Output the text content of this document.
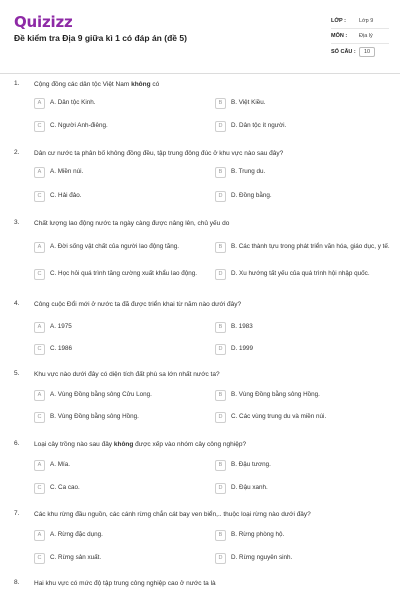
Quizizz
Đề kiểm tra Địa 9 giữa kì 1 có đáp án (đề 5)
LỚP :	Lớp 9
MÔN :	Địa lý
SỐ CÂU :	10
1. Cộng đồng các dân tộc Việt Nam không có
A	A. Dân tộc Kinh.	B	B. Việt Kiều.
C	C. Người Anh-điêng.	D	D. Dân tộc ít người.
2. Dân cư nước ta phân bố không đồng đều, tập trung đông đúc ở khu vực nào sau đây?
A	A. Miền núi.	B	B. Trung du.
C	C. Hải đảo.	D	D. Đồng bằng.
3. Chất lượng lao động nước ta ngày càng được nâng lên, chủ yếu do
A	A. Đời sống vật chất của người lao động tăng.	B	B. Các thành tựu trong phát triển văn hóa, giáo dục, y tế.
C	C. Học hỏi quá trình tăng cường xuất khẩu lao động.	D	D. Xu hướng tất yếu của quá trình hội nhập quốc.
4. Công cuộc Đổi mới ở nước ta đã được triển khai từ năm nào dưới đây?
A	A. 1975	B	B. 1983
C	C. 1986	D	D. 1999
5. Khu vực nào dưới đây có diện tích đất phù sa lớn nhất nước ta?
A	A. Vùng Đồng bằng sông Cửu Long.	B	B. Vùng Đồng bằng sông Hồng.
C	B. Vùng Đồng bằng sông Hồng.	D	C. Các vùng trung du và miền núi.
6. Loại cây trồng nào sau đây không được xếp vào nhóm cây công nghiệp?
A	A. Mía.	B	B. Đậu tương.
C	C. Ca cao.	D	D. Đậu xanh.
7. Các khu rừng đầu nguồn, các cánh rừng chắn cát bay ven biển,.. thuộc loại rừng nào dưới đây?
A	A. Rừng đặc dụng.	B	B. Rừng phòng hộ.
C	C. Rừng sản xuất.	D	D. Rừng nguyên sinh.
8. Hai khu vực có mức độ tập trung công nghiệp cao ở nước ta là
